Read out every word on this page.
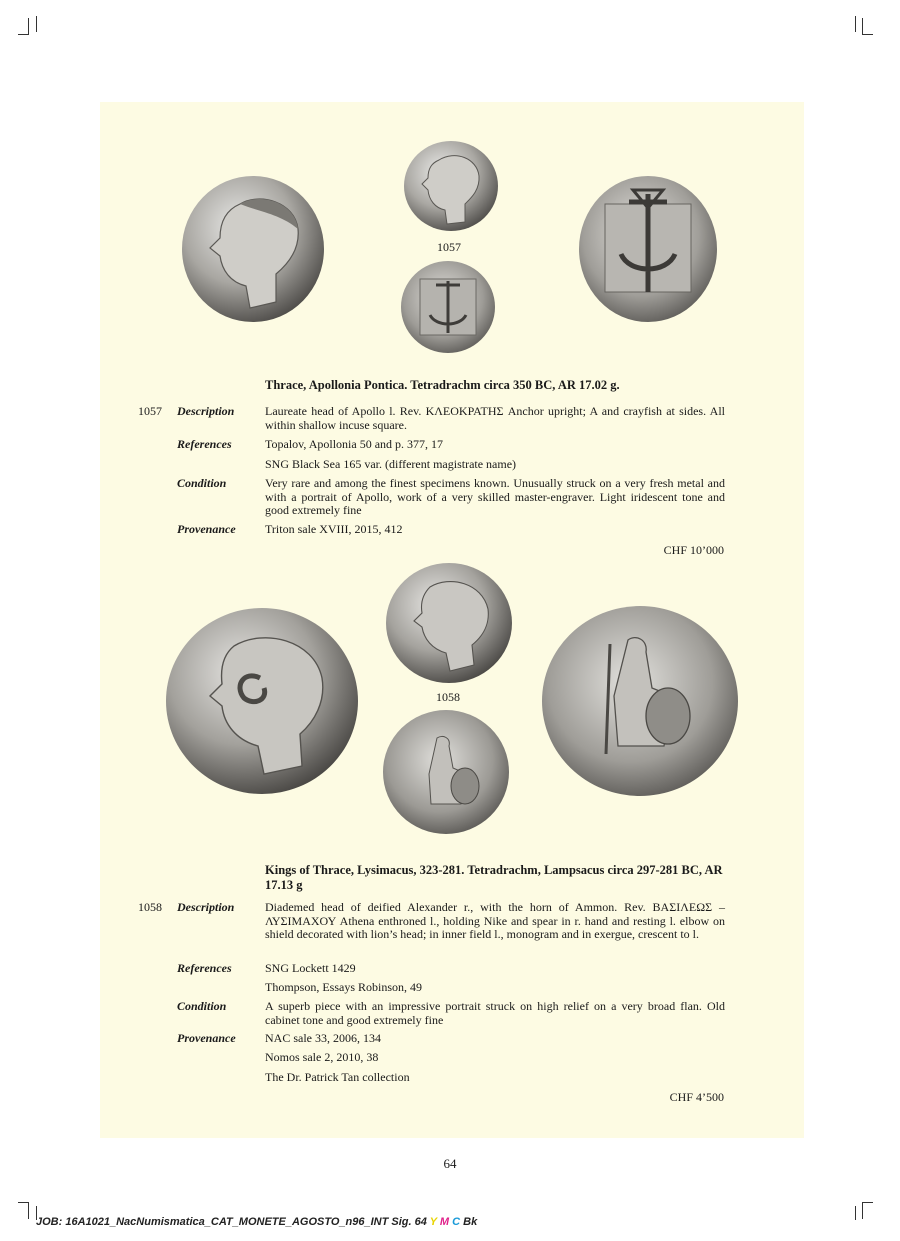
1057
Thrace, Apollonia Pontica. Tetradrachm circa 350 BC, AR 17.02 g.
1057 Description	Laureate head of Apollo l. Rev. ΚΛΕΟΚΡΑΤΗΣ Anchor upright; A and crayfish at sides. All within shallow incuse square.
References	Topalov, Apollonia 50 and p. 377, 17
SNG Black Sea 165 var. (different magistrate name)
Condition	Very rare and among the finest specimens known. Unusually struck on a very fresh metal and with a portrait of Apollo, work of a very skilled master-engraver. Light iridescent tone and good extremely fine
Provenance Triton sale XVIII, 2015, 412
CHF 10’000
1058
Kings of Thrace, Lysimacus, 323-281. Tetradrachm, Lampsacus circa 297-281 BC, AR 17.13 g
1058 Description	Diademed head of deified Alexander r., with the horn of Ammon. Rev. ΒΑΣΙΛΕΩΣ – ΛΥΣΙΜΑΧΟΥ Athena enthroned l., holding Nike and spear in r. hand and resting l. elbow on shield decorated with lion’s head; in inner field l., monogram and in exergue, crescent to l.
References	SNG Lockett 1429
Thompson, Essays Robinson, 49
Condition	A superb piece with an impressive portrait struck on high relief on a very broad flan. Old cabinet tone and good extremely fine
Provenance NAC sale 33, 2006, 134
Nomos sale 2, 2010, 38
The Dr. Patrick Tan collection
CHF 4’500
64
JOB: 16A1021_NacNumismatica_CAT_MONETE_AGOSTO_n96_INT Sig. 64 Y M C Bk
